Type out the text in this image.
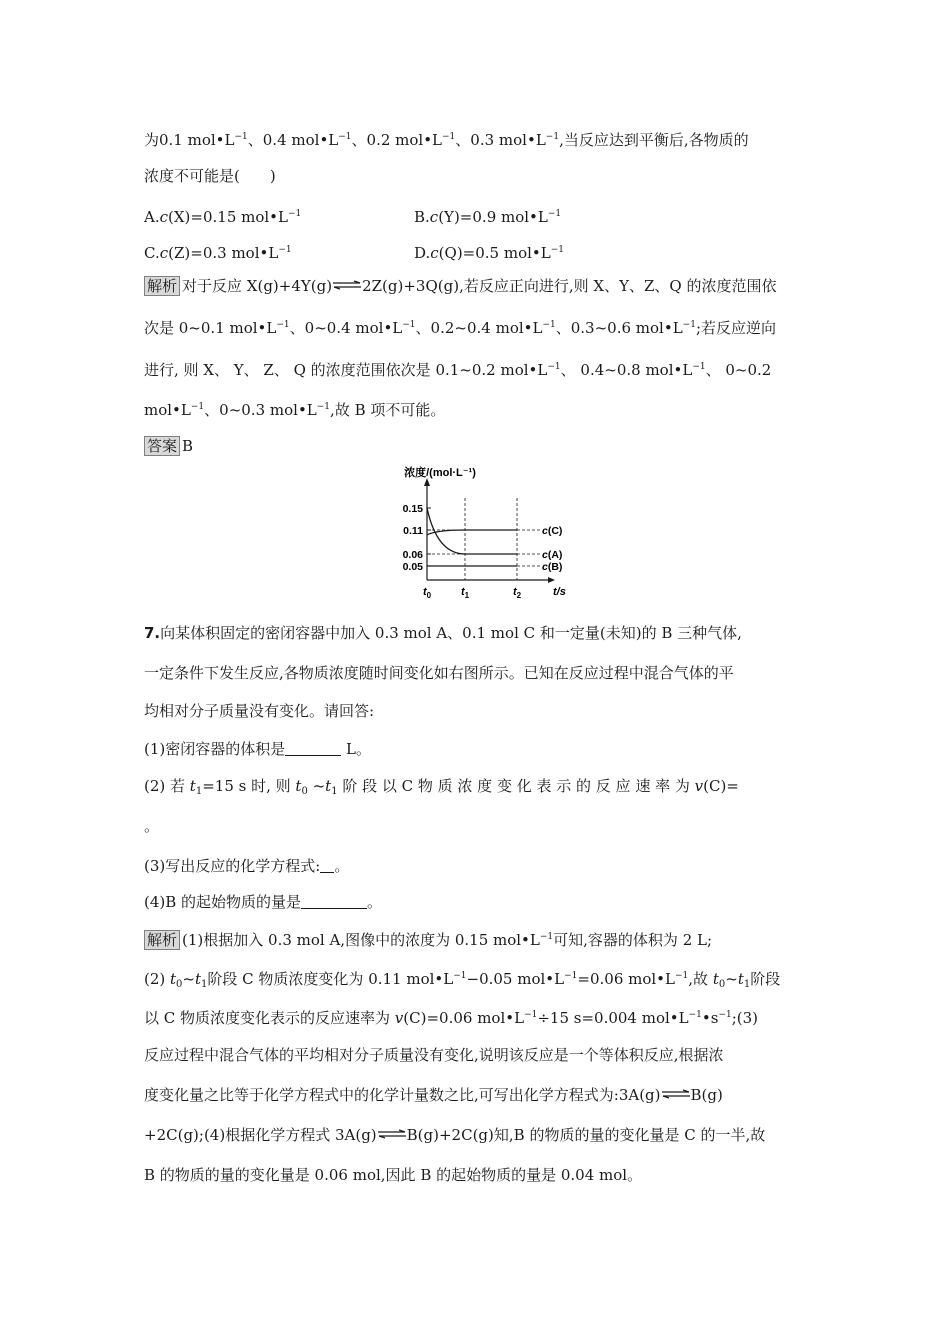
为0.1 $mol•L^{-1}$、0.4 $mol•L^{-1}$、0.2 $mol•L^{-1}$、0.3 $mol•L^{-1}$,当反应达到平衡后,各物质的
浓度不可能是(　　)
A.c(X)=0.15 $mol•L^{-1}$	B.c(Y)=0.9 $mol•L^{-1}$
C.c(Z)=0.3 $mol•L^{-1}$	D.c(Q)=0.5 $mol•L^{-1}$
解析 对于反应 X(g)+4Y(g)⇌2Z(g)+3Q(g),若反应正向进行,则 X、Y、Z、Q 的浓度范围依
次是 0~0.1 $mol•L^{-1}$、0~0.4 $mol•L^{-1}$、0.2~0.4 $mol•L^{-1}$、0.3~0.6 $mol•L^{-1}$;若反应逆向
进行, 则 X、 Y、 Z、 Q 的浓度范围依次是 0.1~0.2 $mol•L^{-1}$、 0.4~0.8 $mol•L^{-1}$、 0~0.2
$mol•L^{-1}$、0~0.3 $mol•L^{-1}$,故 B 项不可能。
答案 B
浓度/(mol·L⁻¹)
0.15
0.11
0.06
0.05
$t_0$	$t_1$	$t_2$	t/s
c(C)
c(A)
c(B)
7.向某体积固定的密闭容器中加入 0.3 mol A、0.1 mol C 和一定量(未知)的 B 三种气体,
一定条件下发生反应,各物质浓度随时间变化如右图所示。已知在反应过程中混合气体的平
均相对分子质量没有变化。请回答:
(1)密闭容器的体积是	L。
(2) 若 $t_1=15$ s 时, 则 $t_0$ $\sim t_1$ 阶 段 以 C 物 质 浓 度 变 化 表 示 的 反 应 速 率 为 v(C)=
。
(3)写出反应的化学方程式: 。
(4)B 的起始物质的量是	。
解析 (1)根据加入 0.3 mol A,图像中的浓度为 0.15 $mol•L^{-1}$可知,容器的体积为 2 L;
(2) $t_0\sim t_1$阶段 C 物质浓度变化为 0.11 $mol•L^{-1}-0.05$ $mol•L^{-1}=0.06$ $mol•L^{-1}$,故 $t_0\sim t_1$阶段
以 C 物质浓度变化表示的反应速率为 v(C)=0.06 $mol•L^{-1}\div 15$ s=0.004 $mol•L^{-1}•s^{-1};(3)$
反应过程中混合气体的平均相对分子质量没有变化,说明该反应是一个等体积反应,根据浓
度变化量之比等于化学方程式中的化学计量数之比,可写出化学方程式为:3A(g)⇌B(g)
+2C(g);(4)根据化学方程式 3A(g)⇌B(g)+2C(g)知,B 的物质的量的变化量是 C 的一半,故
B 的物质的量的变化量是 0.06 mol,因此 B 的起始物质的量是 0.04 mol。
